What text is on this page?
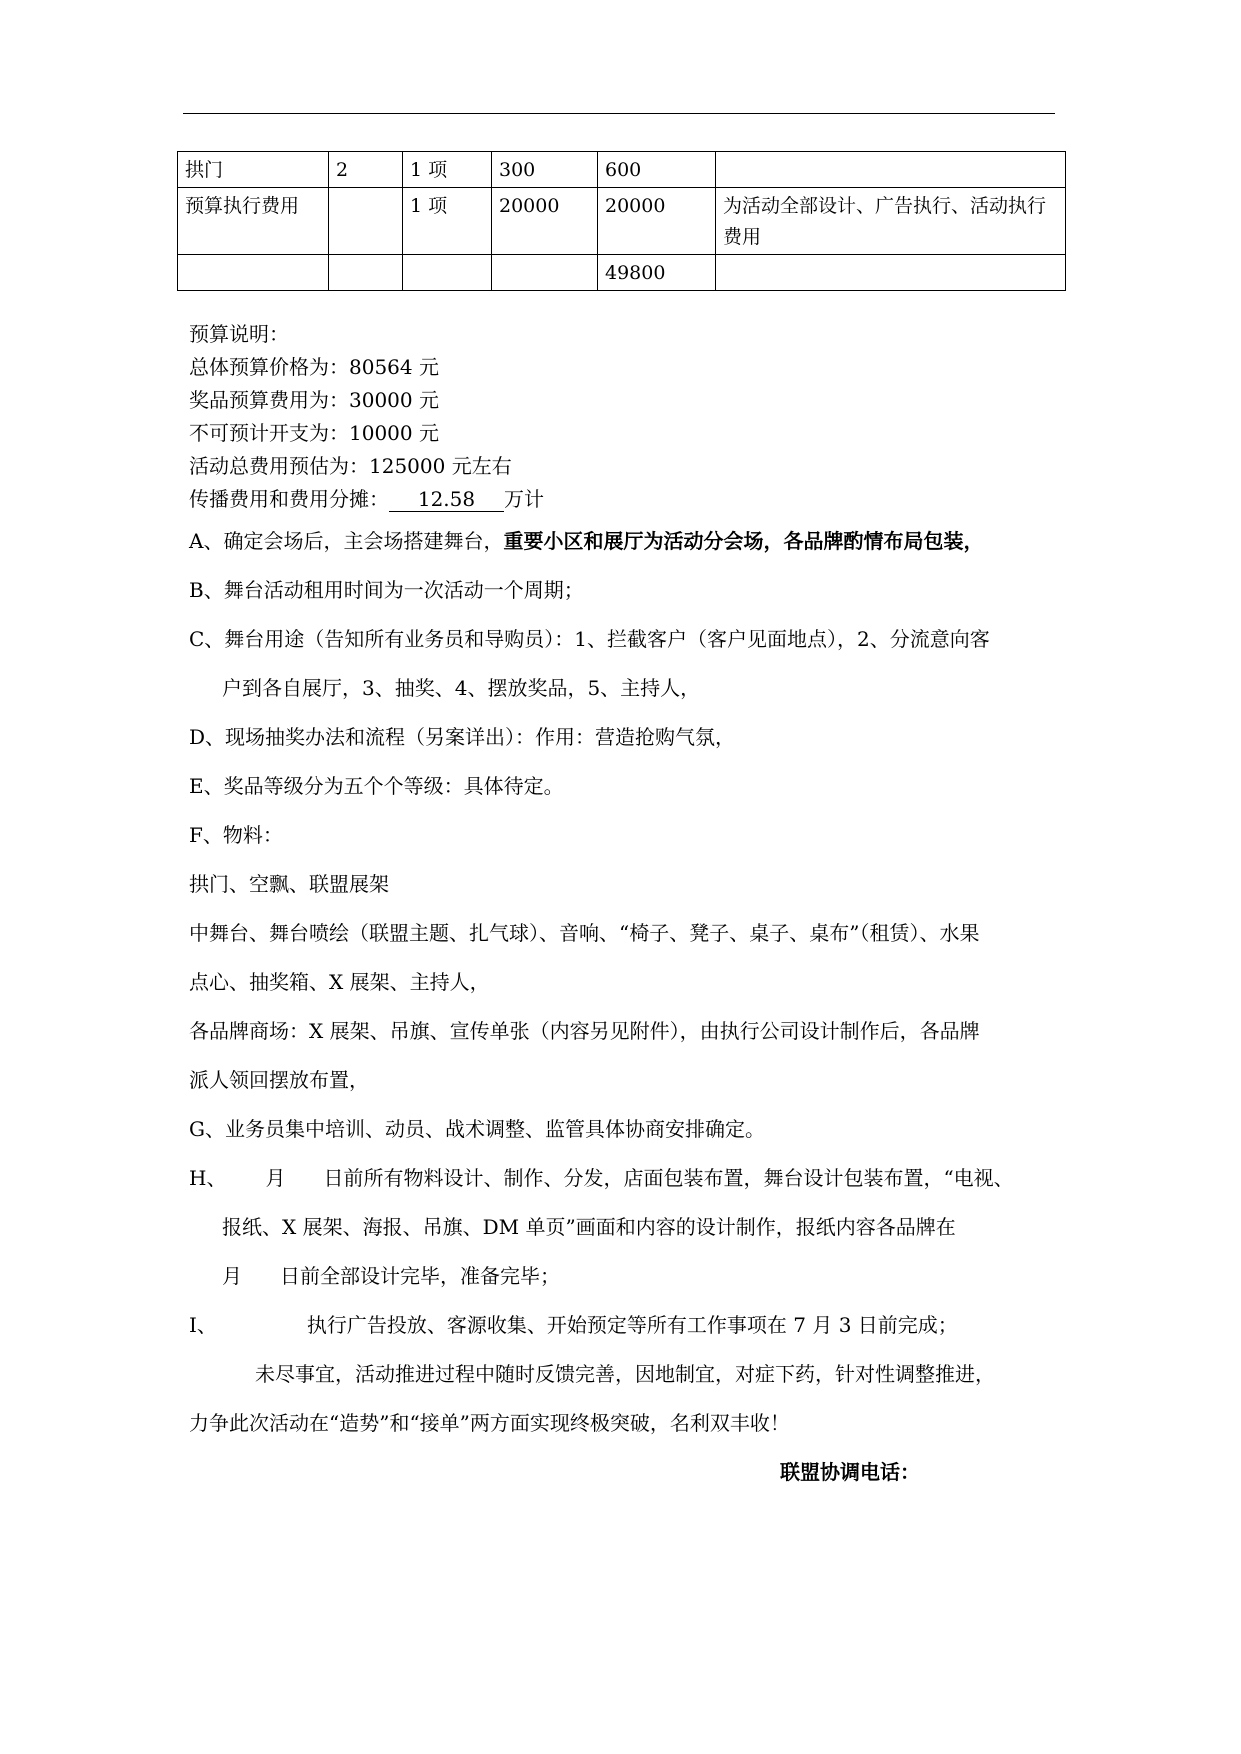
拱门	2	1 项	300	600	
预算执行费用		1 项	20000	20000	为活动全部设计、广告执行、活动执行费用
				49800	
预算说明：
总体预算价格为：80564 元
奖品预算费用为：30000 元
不可预计开支为：10000 元
活动总费用预估为：125000 元左右
传播费用和费用分摊： 12.58 万计
A、确定会场后，主会场搭建舞台，重要小区和展厅为活动分会场，各品牌酌情布局包装，
B、舞台活动租用时间为一次活动一个周期；
C、舞台用途（告知所有业务员和导购员）：1、拦截客户（客户见面地点），2、分流意向客
户到各自展厅，3、抽奖、4、摆放奖品，5、主持人，
D、现场抽奖办法和流程（另案详出）：作用：营造抢购气氛，
E、奖品等级分为五个个等级：具体待定。
F、物料：
拱门、空飘、联盟展架
中舞台、舞台喷绘（联盟主题、扎气球）、音响、“椅子、凳子、桌子、桌布”（租赁）、水果
点心、抽奖箱、X 展架、主持人，
各品牌商场：X 展架、吊旗、宣传单张（内容另见附件），由执行公司设计制作后，各品牌
派人领回摆放布置，
G、业务员集中培训、动员、战术调整、监管具体协商安排确定。
H、 月 日前所有物料设计、制作、分发，店面包装布置，舞台设计包装布置，“电视、
报纸、X 展架、海报、吊旗、DM 单页”画面和内容的设计制作，报纸内容各品牌在
月 日前全部设计完毕，准备完毕；
I、	执行广告投放、客源收集、开始预定等所有工作事项在 7 月 3 日前完成；
未尽事宜，活动推进过程中随时反馈完善，因地制宜，对症下药，针对性调整推进，
力争此次活动在“造势”和“接单”两方面实现终极突破，名利双丰收！
联盟协调电话：
